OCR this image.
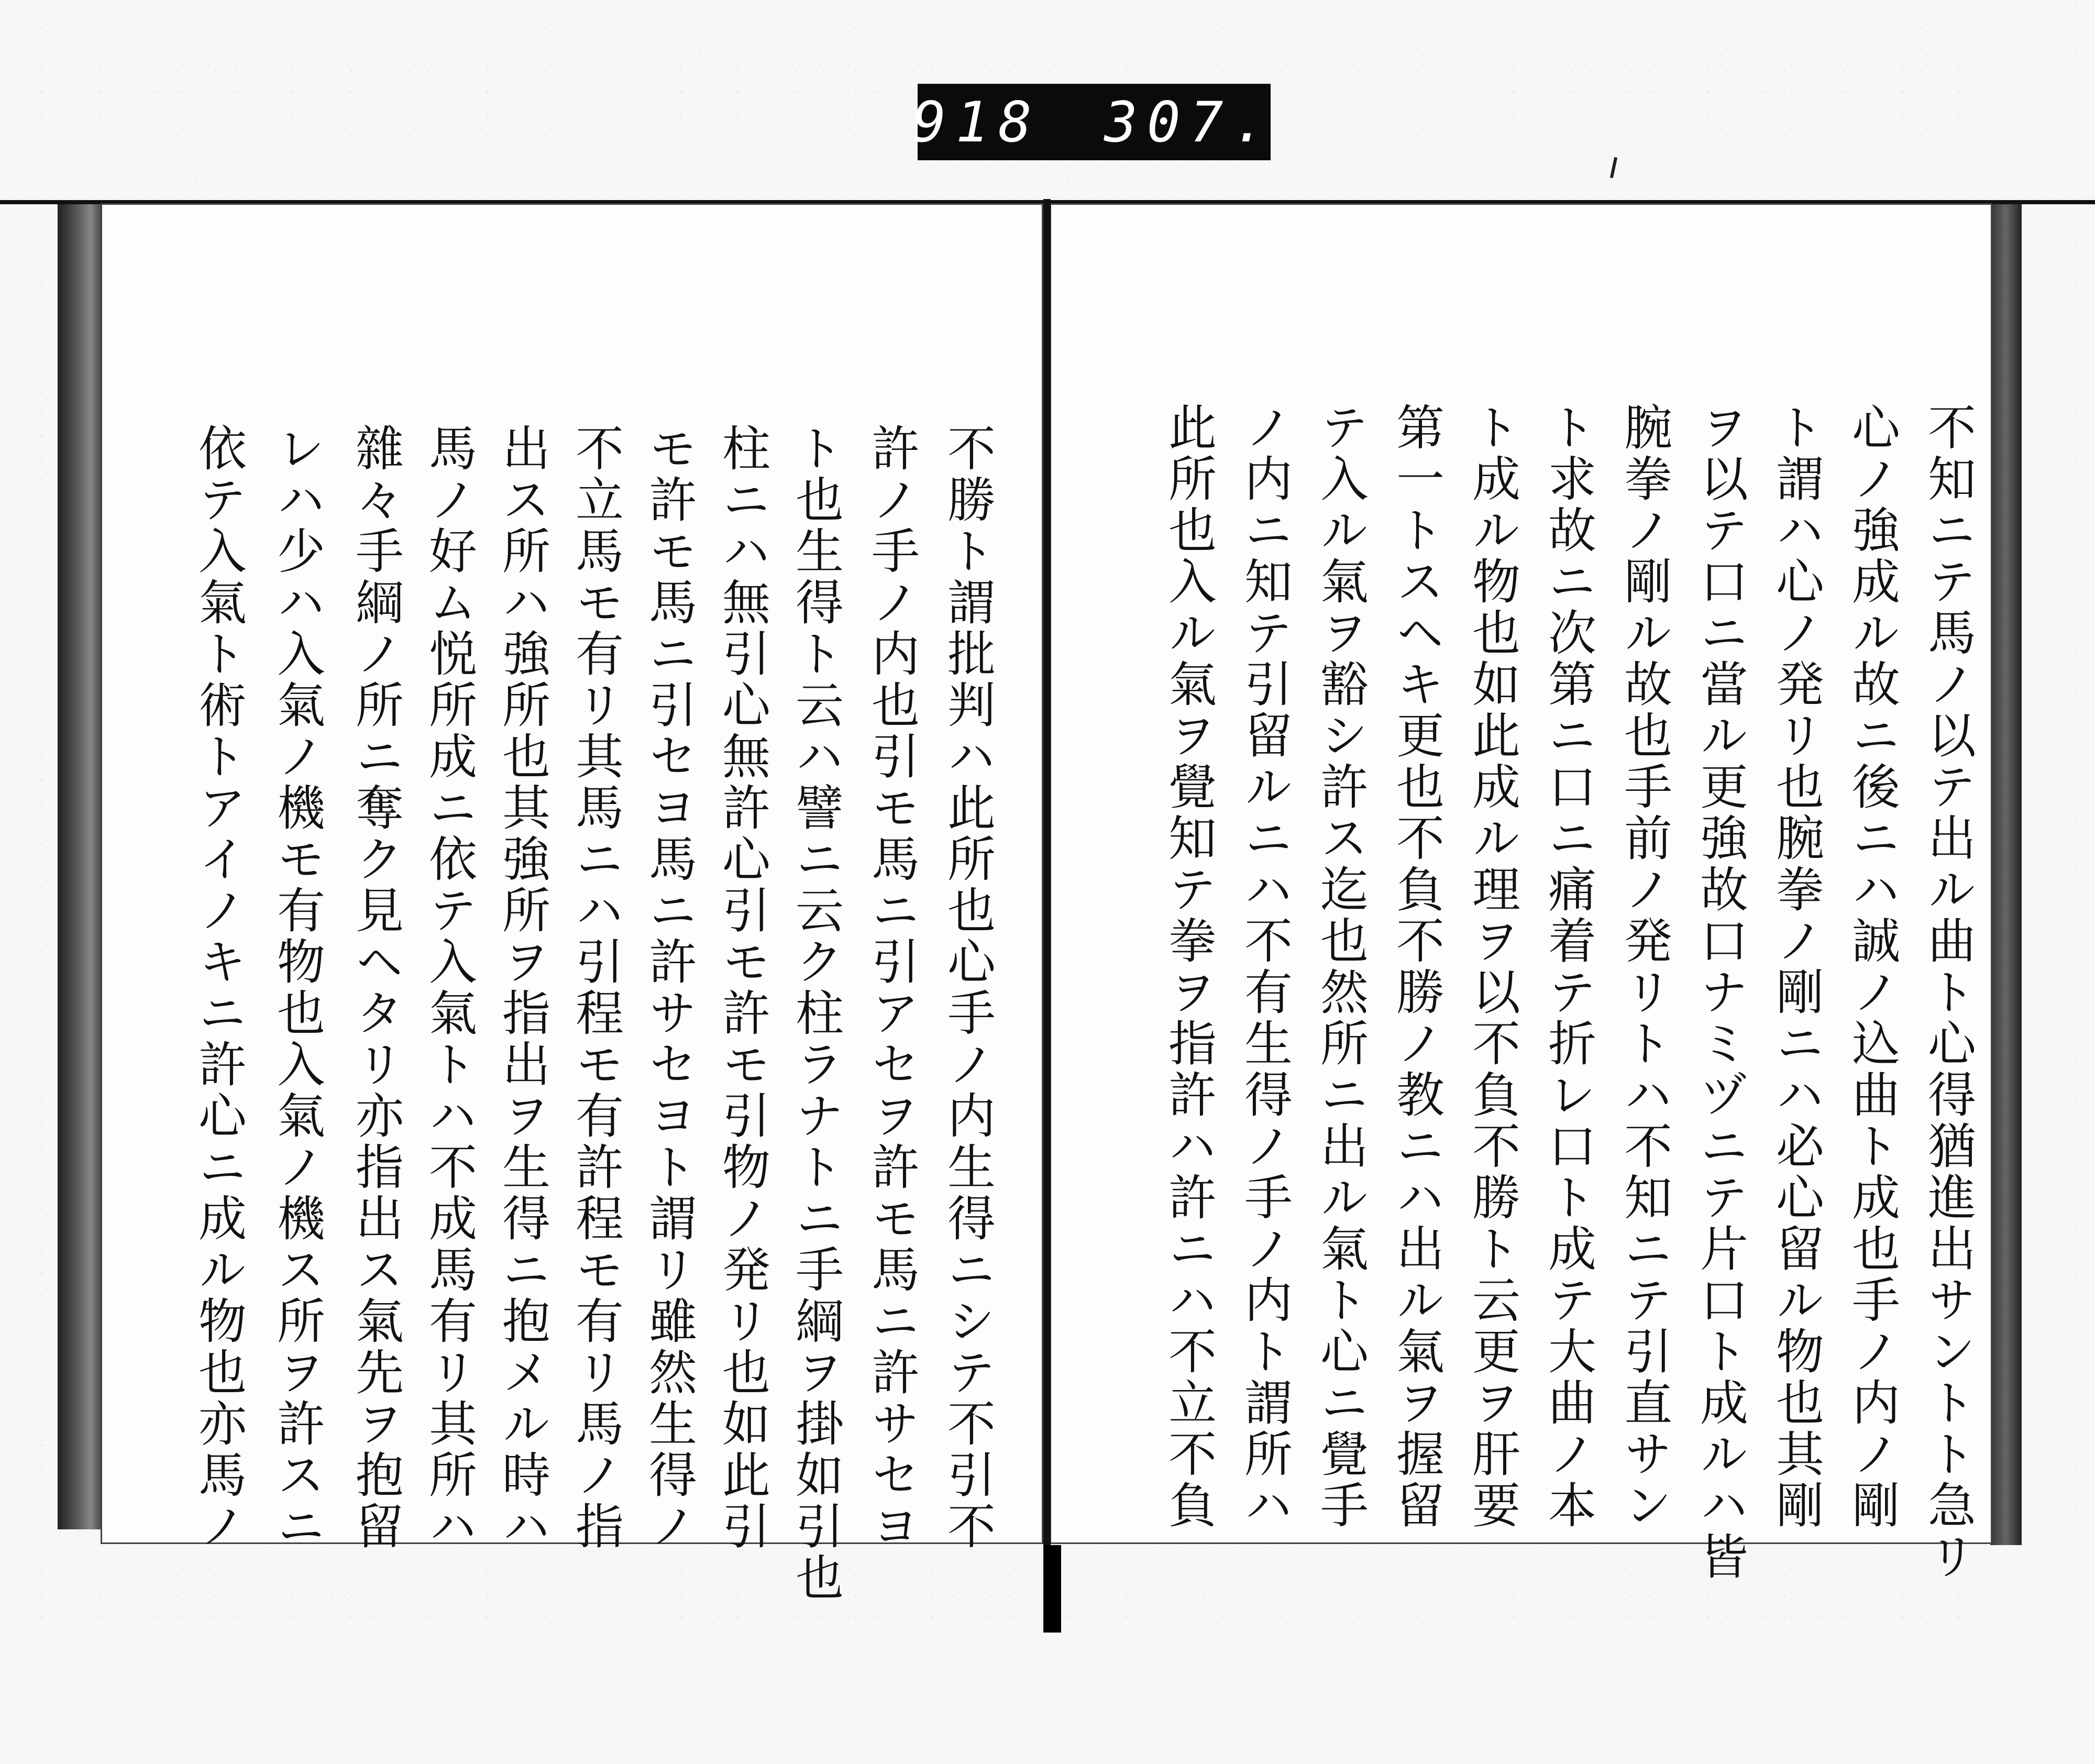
918 307.
不勝ト謂批判ハ此所也心手ノ内生得ニシテ不引不
許ノ手ノ内也引モ馬ニ引アセヲ許モ馬ニ許サセヨ
ト也生得ト云ハ譬ニ云ク柱ラナトニ手綱ヲ掛如引也
柱ニハ無引心無許心引モ許モ引物ノ発リ也如此引
モ許モ馬ニ引セヨ馬ニ許サセヨト謂リ雖然生得ノ
不立馬モ有リ其馬ニハ引程モ有許程モ有リ馬ノ指
出ス所ハ強所也其強所ヲ指出ヲ生得ニ抱メル時ハ
馬ノ好ム悦所成ニ依テ入氣トハ不成馬有リ其所ハ
雜々手綱ノ所ニ奪ク見ヘタリ亦指出ス氣先ヲ抱留
レハ少ハ入氣ノ機モ有物也入氣ノ機ス所ヲ許スニ
依テ入氣ト術トアイノキニ許心ニ成ル物也亦馬ノ	不知ニテ馬ノ以テ出ル曲ト心得猶進出サントト急リ
心ノ強成ル故ニ後ニハ誠ノ込曲ト成也手ノ内ノ剛
ト謂ハ心ノ発リ也腕拳ノ剛ニハ必心留ル物也其剛
ヲ以テ口ニ當ル更強故口ナミヅニテ片口ト成ルハ皆
腕拳ノ剛ル故也手前ノ発リトハ不知ニテ引直サン
ト求故ニ次第ニ口ニ痛着テ折レ口ト成テ大曲ノ本
ト成ル物也如此成ル理ヲ以不負不勝ト云更ヲ肝要
第一トスヘキ更也不負不勝ノ教ニハ出ル氣ヲ握留
テ入ル氣ヲ豁シ許ス迄也然所ニ出ル氣ト心ニ覺手
ノ内ニ知テ引留ルニハ不有生得ノ手ノ内ト謂所ハ
此所也入ル氣ヲ覺知テ拳ヲ指許ハ許ニハ不立不負
